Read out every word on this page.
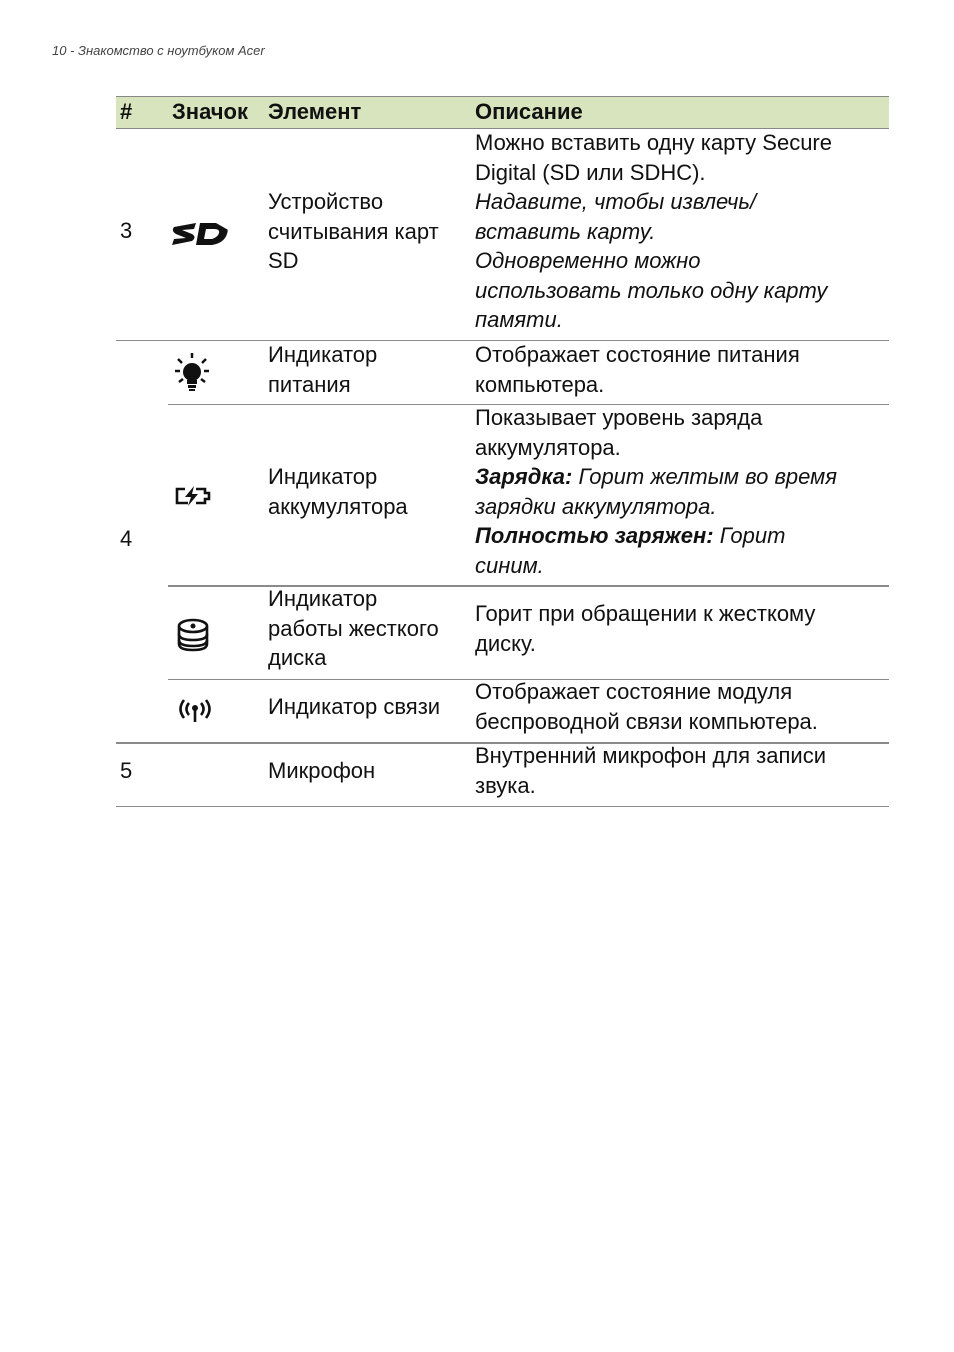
10 - Знакомство с ноутбуком Acer
# Значок Элемент	Описание
3
Устройство
считывания карт
SD
Можно вставить одну карту Secure
Digital (SD или SDHC).
Надавите, чтобы извлечь/
вставить карту.
Одновременно можно
использовать только одну карту
памяти.
4
Индикатор
питания
Отображает состояние питания
компьютера.
Индикатор
аккумулятора
Показывает уровень заряда
аккумулятора.
Зарядка: Горит желтым во время
зарядки аккумулятора.
Полностью заряжен: Горит
синим.
Индикатор
работы жесткого
диска
Горит при обращении к жесткому
диску.
Индикатор связи
Отображает состояние модуля
беспроводной связи компьютера.
5	Микрофон
Внутренний микрофон для записи
звука.
